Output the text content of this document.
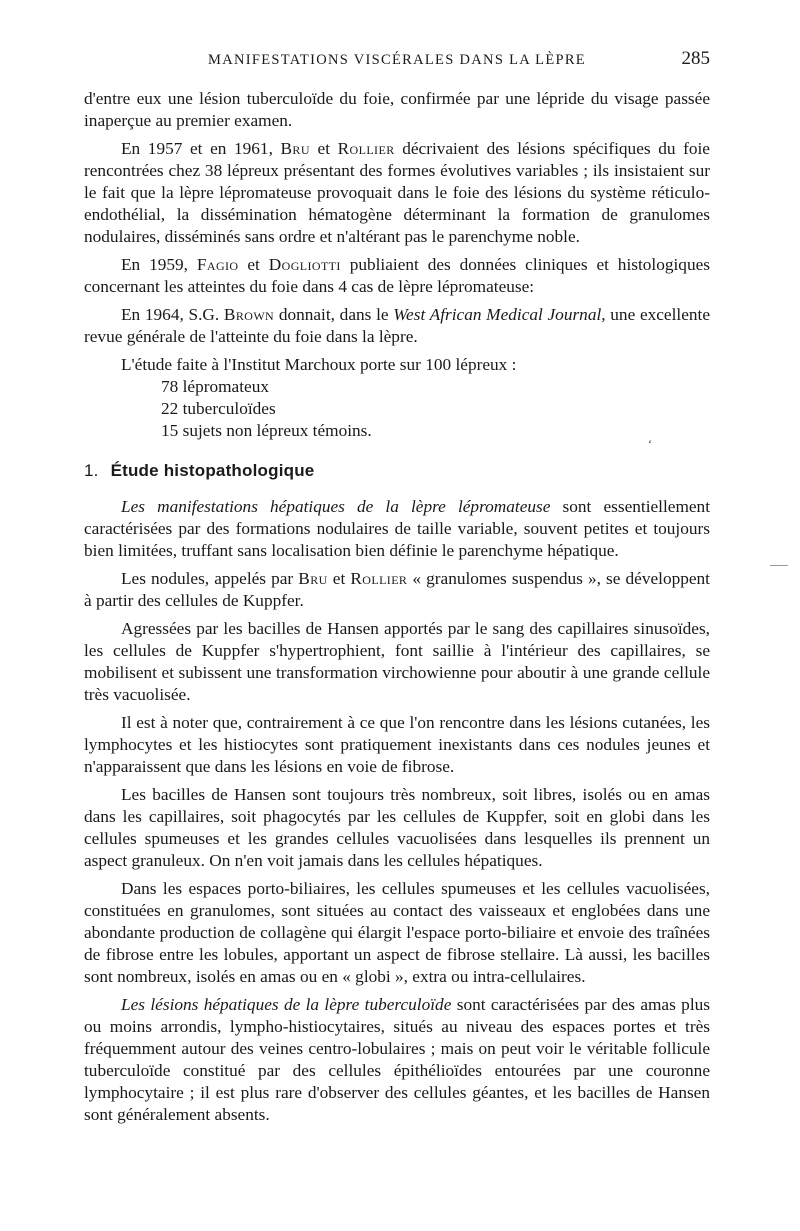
MANIFESTATIONS VISCÉRALES DANS LA LÈPRE	285

d'entre eux une lésion tuberculoïde du foie, confirmée par une lépride du visage passée inaperçue au premier examen.

En 1957 et en 1961, Bru et Rollier décrivaient des lésions spécifiques du foie rencontrées chez 38 lépreux présentant des formes évolutives variables ; ils insistaient sur le fait que la lèpre lépromateuse provoquait dans le foie des lésions du système réticulo-endothélial, la dissémination hématogène déterminant la formation de granulomes nodulaires, disséminés sans ordre et n'altérant pas le parenchyme noble.

En 1959, Fagio et Dogliotti publiaient des données cliniques et histologiques concernant les atteintes du foie dans 4 cas de lèpre lépromateuse:

En 1964, S.G. Brown donnait, dans le West African Medical Journal, une excellente revue générale de l'atteinte du foie dans la lèpre.

L'étude faite à l'Institut Marchoux porte sur 100 lépreux :

78 lépromateux
22 tuberculoïdes
15 sujets non lépreux témoins.
1. Étude histopathologique

Les manifestations hépatiques de la lèpre lépromateuse sont essentiellement caractérisées par des formations nodulaires de taille variable, souvent petites et toujours bien limitées, truffant sans localisation bien définie le parenchyme hépatique.

Les nodules, appelés par Bru et Rollier « granulomes suspendus », se développent à partir des cellules de Kuppfer.

Agressées par les bacilles de Hansen apportés par le sang des capillaires sinusoïdes, les cellules de Kuppfer s'hypertrophient, font saillie à l'intérieur des capillaires, se mobilisent et subissent une transformation virchowienne pour aboutir à une grande cellule très vacuolisée.

Il est à noter que, contrairement à ce que l'on rencontre dans les lésions cutanées, les lymphocytes et les histiocytes sont pratiquement inexistants dans ces nodules jeunes et n'apparaissent que dans les lésions en voie de fibrose.

Les bacilles de Hansen sont toujours très nombreux, soit libres, isolés ou en amas dans les capillaires, soit phagocytés par les cellules de Kuppfer, soit en globi dans les cellules spumeuses et les grandes cellules vacuolisées dans lesquelles ils prennent un aspect granuleux. On n'en voit jamais dans les cellules hépatiques.

Dans les espaces porto-biliaires, les cellules spumeuses et les cellules vacuolisées, constituées en granulomes, sont situées au contact des vaisseaux et englobées dans une abondante production de collagène qui élargit l'espace porto-biliaire et envoie des traînées de fibrose entre les lobules, apportant un aspect de fibrose stellaire. Là aussi, les bacilles sont nombreux, isolés en amas ou en « globi », extra ou intra-cellulaires.

Les lésions hépatiques de la lèpre tuberculoïde sont caractérisées par des amas plus ou moins arrondis, lympho-histiocytaires, situés au niveau des espaces portes et très fréquemment autour des veines centro-lobulaires ; mais on peut voir le véritable follicule tuberculoïde constitué par des cellules épithélioïdes entourées par une couronne lymphocytaire ; il est plus rare d'observer des cellules géantes, et les bacilles de Hansen sont généralement absents.

‘
